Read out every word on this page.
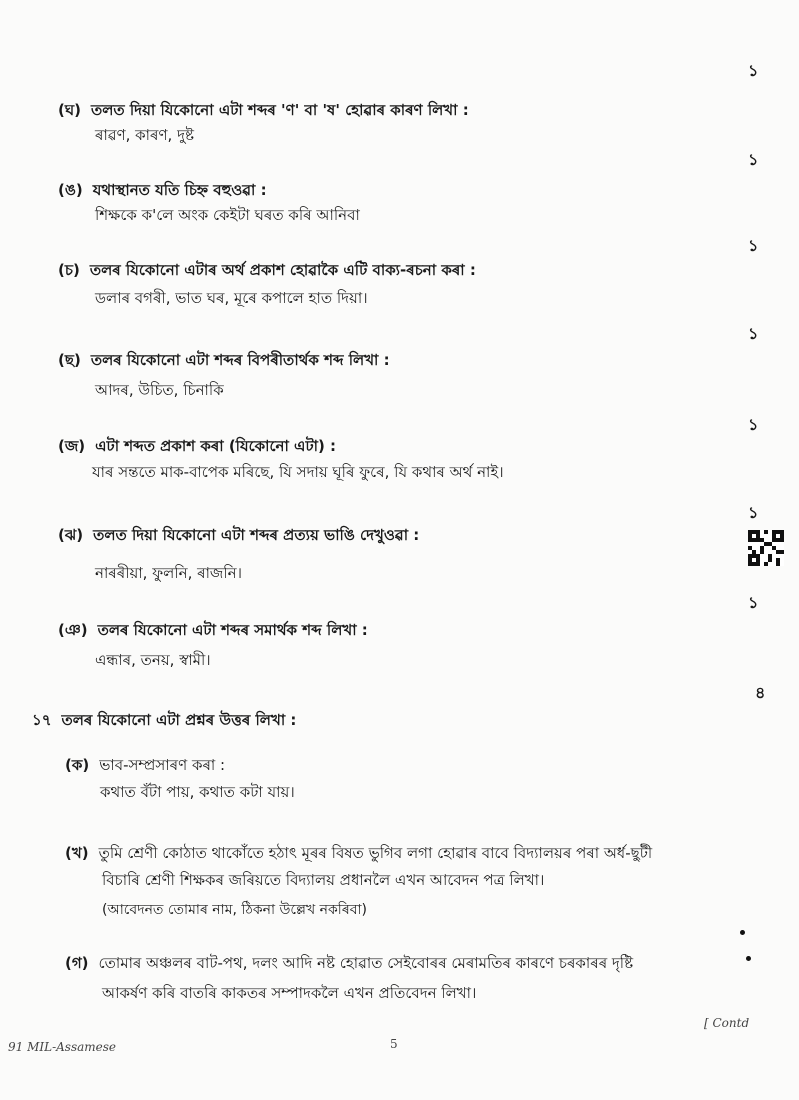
১
১
১
১
১
১
১
৪
(ঘ) তলত দিয়া যিকোনো এটা শব্দৰ 'ণ' বা 'ষ' হোৱাৰ কাৰণ লিখা :
ৰাৱণ, কাৰণ, দুষ্ট
(ঙ) যথাস্থানত যতি চিহ্ন বহুওৱা :
শিক্ষকে ক'লে অংক কেইটা ঘৰত কৰি আনিবা
(চ) তলৰ যিকোনো এটাৰ অৰ্থ প্ৰকাশ হোৱাকৈ এটি বাক্য-ৰচনা কৰা :
ডলাৰ বগৰী, ভাত ঘৰ, মূৰে কপালে হাত দিয়া।
(ছ) তলৰ যিকোনো এটা শব্দৰ বিপৰীতাৰ্থক শব্দ লিখা :
আদৰ, উচিত, চিনাকি
(জ) এটা শব্দত প্ৰকাশ কৰা (যিকোনো এটা) :
যাৰ সন্ততে মাক-বাপেক মৰিছে, যি সদায় ঘূৰি ফুৰে, যি কথাৰ অৰ্থ নাই।
(ঝ) তলত দিয়া যিকোনো এটা শব্দৰ প্ৰত্যয় ভাঙি দেখুওৱা :
নাৰৰীয়া, ফুলনি, ৰাজনি।
(ঞ) তলৰ যিকোনো এটা শব্দৰ সমাৰ্থক শব্দ লিখা :
এন্ধাৰ, তনয়, স্বামী।
১৭ তলৰ যিকোনো এটা প্ৰশ্নৰ উত্তৰ লিখা :
(ক) ভাব-সম্প্ৰসাৰণ কৰা :
কথাত বঁটা পায়, কথাত কটা যায়।
(খ) তুমি শ্ৰেণী কোঠাত থাকোঁতে হঠাৎ মূৰৰ বিষত ভুগিব লগা হোৱাৰ বাবে বিদ্যালয়ৰ পৰা অৰ্ধ-ছুটী
বিচাৰি শ্ৰেণী শিক্ষকৰ জৰিয়তে বিদ্যালয় প্ৰধানলৈ এখন আবেদন পত্ৰ লিখা।
(আবেদনত তোমাৰ নাম, ঠিকনা উল্লেখ নকৰিবা)
(গ) তোমাৰ অঞ্চলৰ বাট-পথ, দলং আদি নষ্ট হোৱাত সেইবোৰৰ মেৰামতিৰ কাৰণে চৰকাৰৰ দৃষ্টি
আকৰ্ষণ কৰি বাতৰি কাকতৰ সম্পাদকলৈ এখন প্ৰতিবেদন লিখা।
91 MIL-Assamese	5
[ Contd
